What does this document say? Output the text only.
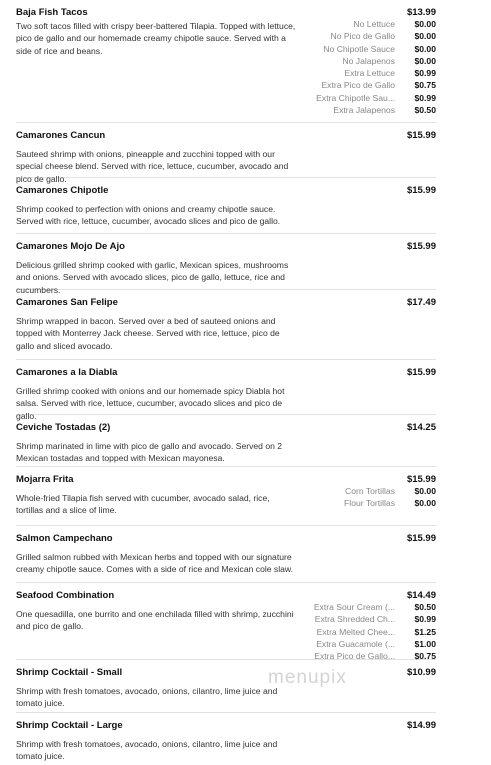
Baja Fish Tacos
Two soft tacos filled with crispy beer-battered Tilapia. Topped with lettuce, pico de gallo and our homemade creamy chipotle sauce. Served with a side of rice and beans.
$13.99
No Lettuce	$0.00
No Pico de Gallo	$0.00
No Chipotle Sauce	$0.00
No Jalapenos	$0.00
Extra Lettuce	$0.99
Extra Pico de Gallo	$0.75
Extra Chipotle Sau...	$0.99
Extra Jalapenos	$0.50
Camarones Cancun
Sauteed shrimp with onions, pineapple and zucchini topped with our special cheese blend. Served with rice, lettuce, cucumber, avocado and pico de gallo.
$15.99
Camarones Chipotle
Shrimp cooked to perfection with onions and creamy chipotle sauce. Served with rice, lettuce, cucumber, avocado slices and pico de gallo.
$15.99
Camarones Mojo De Ajo
Delicious grilled shrimp cooked with garlic, Mexican spices, mushrooms and onions. Served with avocado slices, pico de gallo, lettuce, rice and cucumbers.
$15.99
Camarones San Felipe
Shrimp wrapped in bacon. Served over a bed of sauteed onions and topped with Monterrey Jack cheese. Served with rice, lettuce, pico de gallo and sliced avocado.
$17.49
Camarones a la Diabla
Grilled shrimp cooked with onions and our homemade spicy Diabla hot salsa. Served with rice, lettuce, cucumber, avocado slices and pico de gallo.
$15.99
Ceviche Tostadas (2)
Shrimp marinated in lime with pico de gallo and avocado. Served on 2 Mexican tostadas and topped with Mexican mayonesa.
$14.25
Mojarra Frita
Whole-fried Tilapia fish served with cucumber, avocado salad, rice, tortillas and a slice of lime.
$15.99
Corn Tortillas	$0.00
Flour Tortillas	$0.00
Salmon Campechano
Grilled salmon rubbed with Mexican herbs and topped with our signature creamy chipotle sauce. Comes with a side of rice and Mexican cole slaw.
$15.99
Seafood Combination
One quesadilla, one burrito and one enchilada filled with shrimp, zucchini and pico de gallo.
$14.49
Extra Sour Cream (...	$0.50
Extra Shredded Ch...	$0.99
Extra Melted Chee...	$1.25
Extra Guacamole (...	$1.00
Extra Pico de Gallo...	$0.75
Shrimp Cocktail - Small
Shrimp with fresh tomatoes, avocado, onions, cilantro, lime juice and tomato juice.
$10.99
Shrimp Cocktail - Large
Shrimp with fresh tomatoes, avocado, onions, cilantro, lime juice and tomato juice.
$14.99
menupix
